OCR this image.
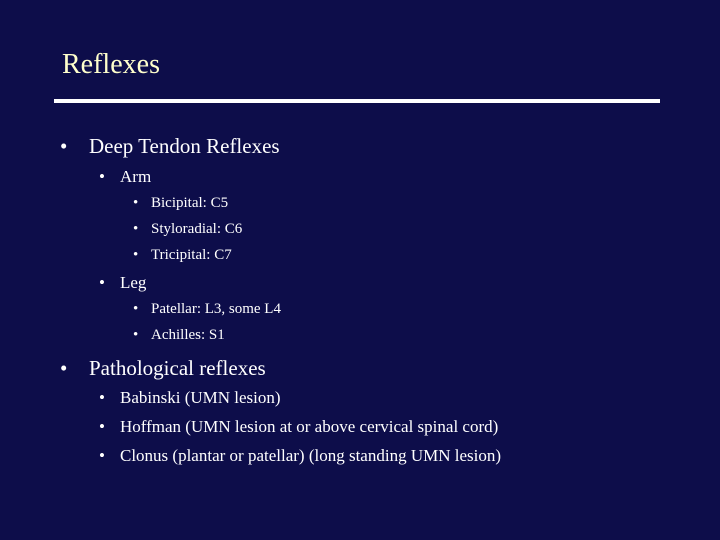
Reflexes
• Deep Tendon Reflexes
• Arm
• Bicipital: C5
• Styloradial: C6
• Tricipital: C7
• Leg
• Patellar: L3, some L4
• Achilles: S1
• Pathological reflexes
• Babinski (UMN lesion)
• Hoffman (UMN lesion at or above cervical spinal cord)
• Clonus (plantar or patellar) (long standing UMN lesion)
